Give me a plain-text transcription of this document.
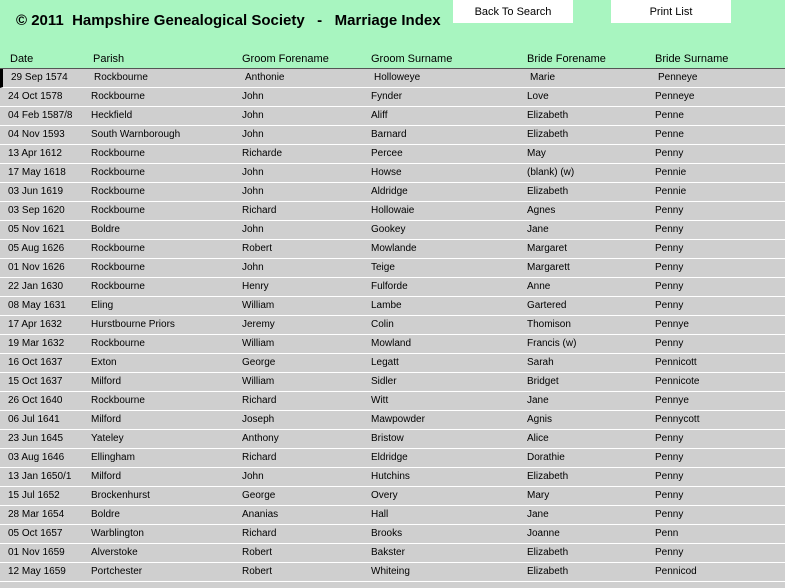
© 2011  Hampshire Genealogical Society   -   Marriage Index
Back To Search	Print List
Date	Parish	Groom Forename	Groom Surname	Bride Forename	Bride Surname
29 Sep 1574	Rockbourne	Anthonie	Holloweye	Marie	Penneye
24 Oct 1578	Rockbourne	John	Fynder	Love	Penneye
04 Feb 1587/8 Heckfield	John	Aliff	Elizabeth	Penne
04 Nov 1593	South Warnborough	John	Barnard	Elizabeth	Penne
13 Apr 1612	Rockbourne	Richarde	Percee	May	Penny
17 May 1618	Rockbourne	John	Howse	(blank) (w)	Pennie
03 Jun 1619	Rockbourne	John	Aldridge	Elizabeth	Pennie
03 Sep 1620	Rockbourne	Richard	Hollowaie	Agnes	Penny
05 Nov 1621	Boldre	John	Gookey	Jane	Penny
05 Aug 1626	Rockbourne	Robert	Mowlande	Margaret	Penny
01 Nov 1626	Rockbourne	John	Teige	Margarett	Penny
22 Jan 1630	Rockbourne	Henry	Fulforde	Anne	Penny
08 May 1631	Eling	William	Lambe	Gartered	Penny
17 Apr 1632	Hurstbourne Priors	Jeremy	Colin	Thomison	Pennye
19 Mar 1632	Rockbourne	William	Mowland	Francis (w)	Penny
16 Oct 1637	Exton	George	Legatt	Sarah	Pennicott
15 Oct 1637	Milford	William	Sidler	Bridget	Pennicote
26 Oct 1640	Rockbourne	Richard	Witt	Jane	Pennye
06 Jul 1641	Milford	Joseph	Mawpowder	Agnis	Pennycott
23 Jun 1645	Yateley	Anthony	Bristow	Alice	Penny
03 Aug 1646	Ellingham	Richard	Eldridge	Dorathie	Penny
13 Jan 1650/1 Milford	John	Hutchins	Elizabeth	Penny
15 Jul 1652	Brockenhurst	George	Overy	Mary	Penny
28 Mar 1654	Boldre	Ananias	Hall	Jane	Penny
05 Oct 1657	Warblington	Richard	Brooks	Joanne	Penn
01 Nov 1659	Alverstoke	Robert	Bakster	Elizabeth	Penny
12 May 1659	Portchester	Robert	Whiteing	Elizabeth	Pennicod
